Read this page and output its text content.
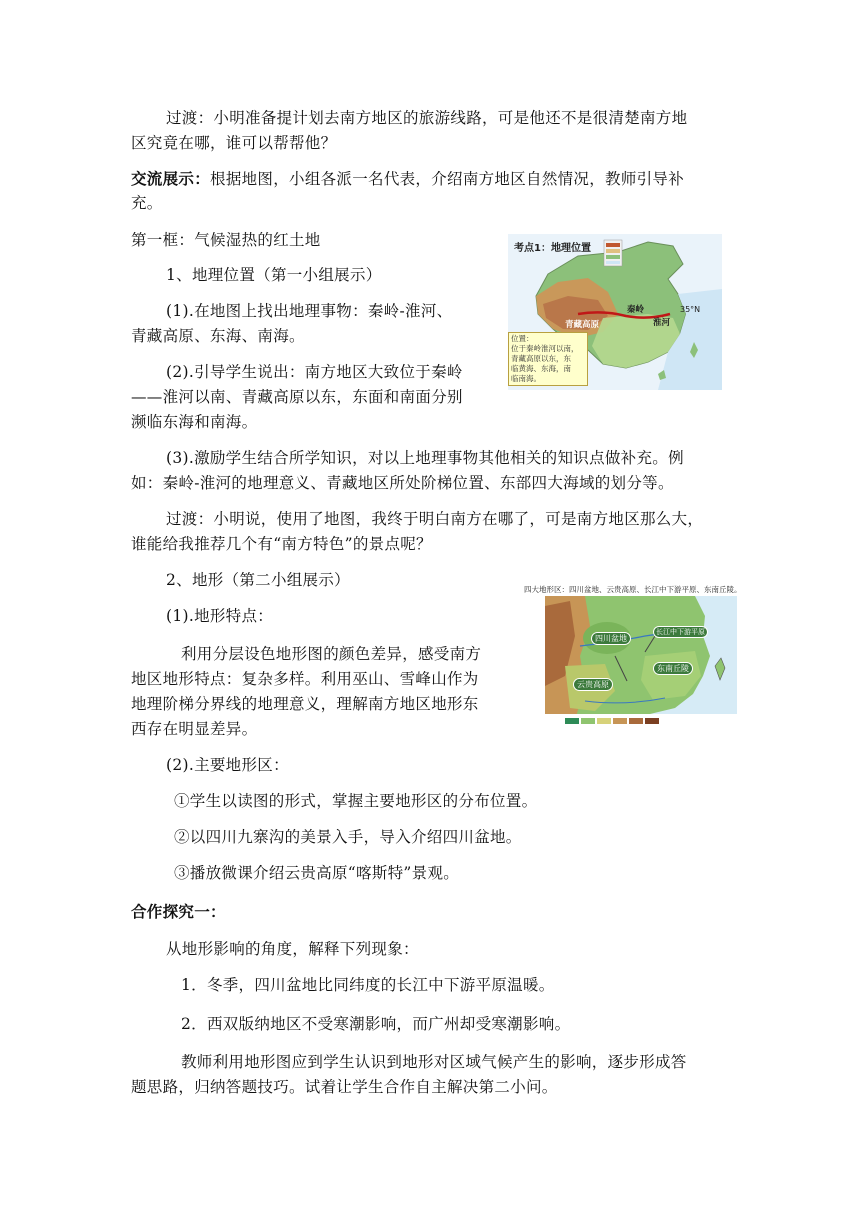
过渡：小明准备提计划去南方地区的旅游线路，可是他还不是很清楚南方地
区究竟在哪，谁可以帮帮他？
交流展示：根据地图，小组各派一名代表，介绍南方地区自然情况，教师引导补
充。
第一框：气候湿热的红土地
1、地理位置（第一小组展示）
(1).在地图上找出地理事物：秦岭-淮河、
青藏高原、东海、南海。
(2).引导学生说出：南方地区大致位于秦岭
——淮河以南、青藏高原以东，东面和南面分别
濒临东海和南海。
(3).激励学生结合所学知识，对以上地理事物其他相关的知识点做补充。例
如：秦岭-淮河的地理意义、青藏地区所处阶梯位置、东部四大海域的划分等。
过渡：小明说，使用了地图，我终于明白南方在哪了，可是南方地区那么大，
谁能给我推荐几个有“南方特色”的景点呢？
2、地形（第二小组展示）
(1).地形特点：
利用分层设色地形图的颜色差异，感受南方
地区地形特点：复杂多样。利用巫山、雪峰山作为
地理阶梯分界线的地理意义，理解南方地区地形东
西存在明显差异。
(2).主要地形区：
①学生以读图的形式，掌握主要地形区的分布位置。
②以四川九寨沟的美景入手，导入介绍四川盆地。
③播放微课介绍云贵高原“喀斯特”景观。
合作探究一：
从地形影响的角度，解释下列现象：
1．冬季，四川盆地比同纬度的长江中下游平原温暖。
2．西双版纳地区不受寒潮影响，而广州却受寒潮影响。
教师利用地形图应到学生认识到地形对区域气候产生的影响，逐步形成答
题思路，归纳答题技巧。试着让学生合作自主解决第二小问。
考点1：地理位置
秦岭
淮河
青藏高原
35°N
位置：
位于秦岭淮河以南，
青藏高原以东，东
临黄海、东海，南
临南海。
四大地形区：四川盆地、云贵高原、长江中下游平原、东南丘陵。
四川盆地
长江中下游平原
云贵高原
东南丘陵
